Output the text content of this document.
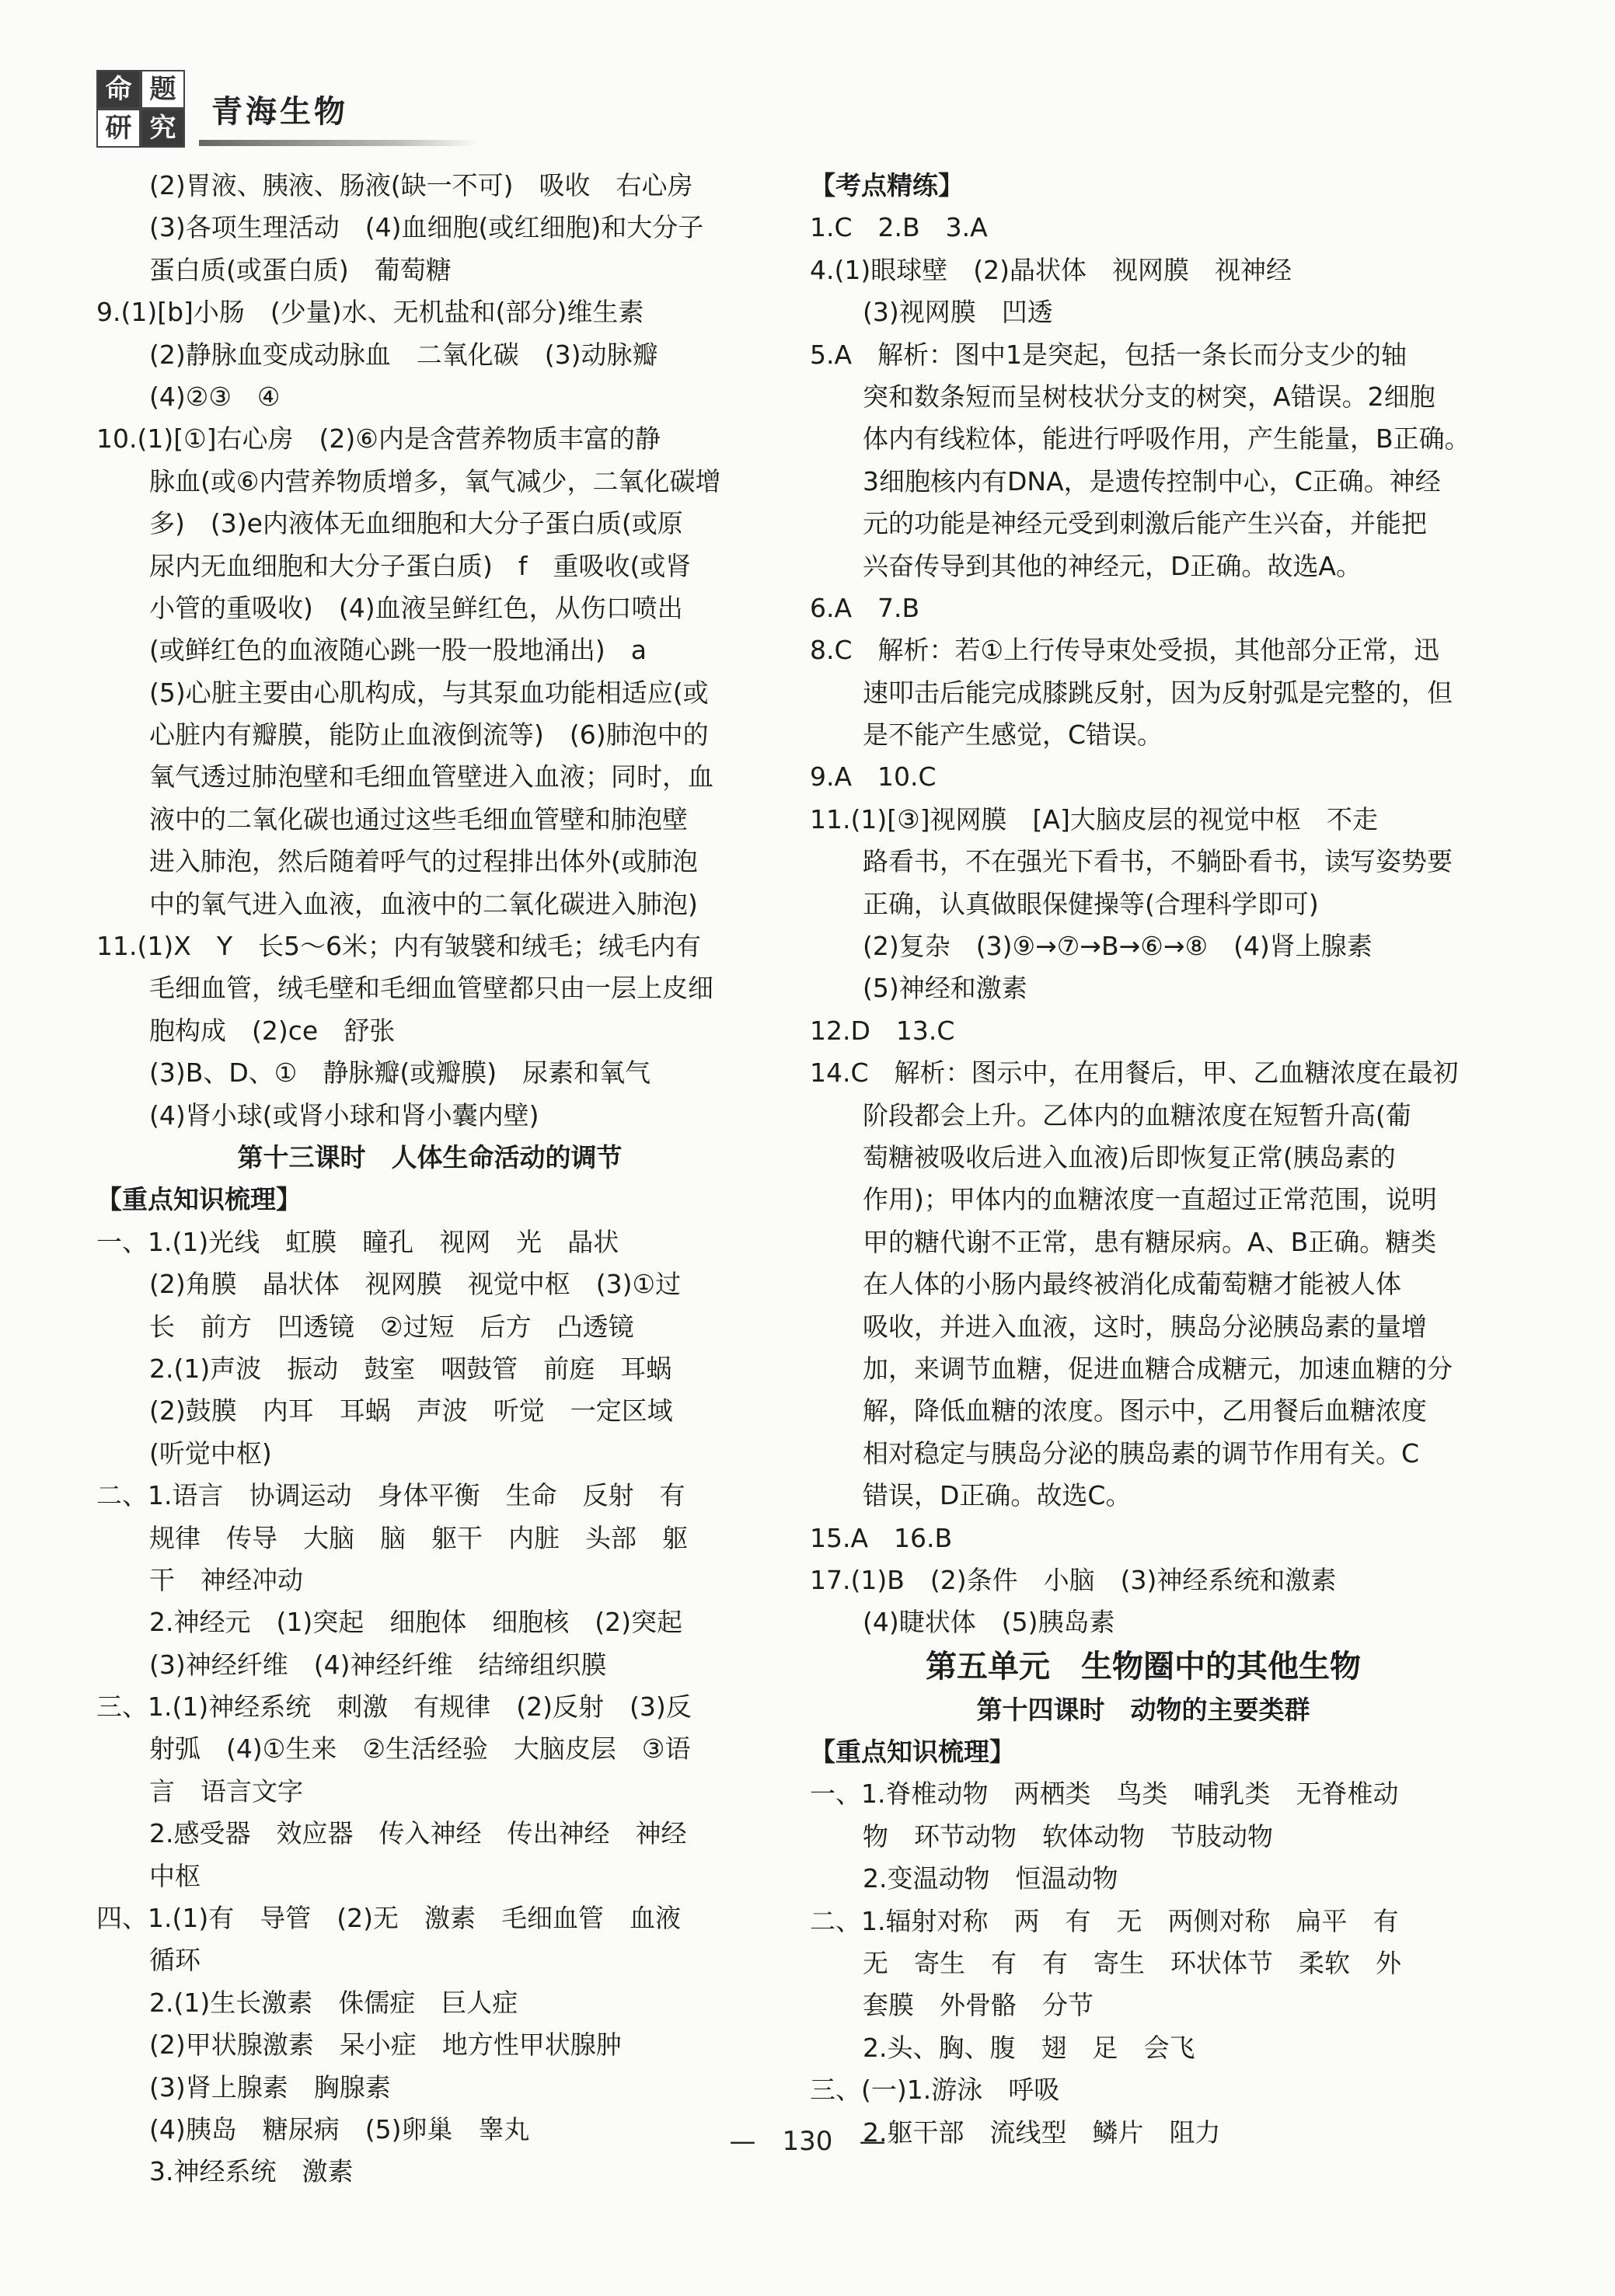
命 题
研 究 青海生物
(2)胃液、胰液、肠液(缺一不可)　吸收　右心房
(3)各项生理活动　(4)血细胞(或红细胞)和大分子
蛋白质(或蛋白质)　葡萄糖
9.(1)[b]小肠　(少量)水、无机盐和(部分)维生素
(2)静脉血变成动脉血　二氧化碳　(3)动脉瓣
(4)②③　④
10.(1)[①]右心房　(2)⑥内是含营养物质丰富的静
脉血(或⑥内营养物质增多，氧气减少，二氧化碳增
多)　(3)e内液体无血细胞和大分子蛋白质(或原
尿内无血细胞和大分子蛋白质)　f　重吸收(或肾
小管的重吸收)　(4)血液呈鲜红色，从伤口喷出
(或鲜红色的血液随心跳一股一股地涌出)　a
(5)心脏主要由心肌构成，与其泵血功能相适应(或
心脏内有瓣膜，能防止血液倒流等)　(6)肺泡中的
氧气透过肺泡壁和毛细血管壁进入血液；同时，血
液中的二氧化碳也通过这些毛细血管壁和肺泡壁
进入肺泡，然后随着呼气的过程排出体外(或肺泡
中的氧气进入血液，血液中的二氧化碳进入肺泡)
11.(1)X　Y　长5～6米；内有皱襞和绒毛；绒毛内有
毛细血管，绒毛壁和毛细血管壁都只由一层上皮细
胞构成　(2)ce　舒张
(3)B、D、①　静脉瓣(或瓣膜)　尿素和氧气
(4)肾小球(或肾小球和肾小囊内壁)
第十三课时　人体生命活动的调节
【重点知识梳理】
一、1.(1)光线　虹膜　瞳孔　视网　光　晶状
(2)角膜　晶状体　视网膜　视觉中枢　(3)①过
长　前方　凹透镜　②过短　后方　凸透镜
2.(1)声波　振动　鼓室　咽鼓管　前庭　耳蜗
(2)鼓膜　内耳　耳蜗　声波　听觉　一定区域
(听觉中枢)
二、1.语言　协调运动　身体平衡　生命　反射　有
规律　传导　大脑　脑　躯干　内脏　头部　躯
干　神经冲动
2.神经元　(1)突起　细胞体　细胞核　(2)突起
(3)神经纤维　(4)神经纤维　结缔组织膜
三、1.(1)神经系统　刺激　有规律　(2)反射　(3)反
射弧　(4)①生来　②生活经验　大脑皮层　③语
言　语言文字
2.感受器　效应器　传入神经　传出神经　神经
中枢
四、1.(1)有　导管　(2)无　激素　毛细血管　血液
循环
2.(1)生长激素　侏儒症　巨人症
(2)甲状腺激素　呆小症　地方性甲状腺肿
(3)肾上腺素　胸腺素
(4)胰岛　糖尿病　(5)卵巢　睾丸
3.神经系统　激素
【考点精练】
1.C　2.B　3.A
4.(1)眼球壁　(2)晶状体　视网膜　视神经
(3)视网膜　凹透
5.A　解析：图中1是突起，包括一条长而分支少的轴
突和数条短而呈树枝状分支的树突，A错误。2细胞
体内有线粒体，能进行呼吸作用，产生能量，B正确。
3细胞核内有DNA，是遗传控制中心，C正确。神经
元的功能是神经元受到刺激后能产生兴奋，并能把
兴奋传导到其他的神经元，D正确。故选A。
6.A　7.B
8.C　解析：若①上行传导束处受损，其他部分正常，迅
速叩击后能完成膝跳反射，因为反射弧是完整的，但
是不能产生感觉，C错误。
9.A　10.C
11.(1)[③]视网膜　[A]大脑皮层的视觉中枢　不走
路看书，不在强光下看书，不躺卧看书，读写姿势要
正确，认真做眼保健操等(合理科学即可)
(2)复杂　(3)⑨→⑦→B→⑥→⑧　(4)肾上腺素
(5)神经和激素
12.D　13.C
14.C　解析：图示中，在用餐后，甲、乙血糖浓度在最初
阶段都会上升。乙体内的血糖浓度在短暂升高(葡
萄糖被吸收后进入血液)后即恢复正常(胰岛素的
作用)；甲体内的血糖浓度一直超过正常范围，说明
甲的糖代谢不正常，患有糖尿病。A、B正确。糖类
在人体的小肠内最终被消化成葡萄糖才能被人体
吸收，并进入血液，这时，胰岛分泌胰岛素的量增
加，来调节血糖，促进血糖合成糖元，加速血糖的分
解，降低血糖的浓度。图示中，乙用餐后血糖浓度
相对稳定与胰岛分泌的胰岛素的调节作用有关。C
错误，D正确。故选C。
15.A　16.B
17.(1)B　(2)条件　小脑　(3)神经系统和激素
(4)睫状体　(5)胰岛素
第五单元　生物圈中的其他生物
第十四课时　动物的主要类群
【重点知识梳理】
一、1.脊椎动物　两栖类　鸟类　哺乳类　无脊椎动
物　环节动物　软体动物　节肢动物
2.变温动物　恒温动物
二、1.辐射对称　两　有　无　两侧对称　扁平　有
无　寄生　有　有　寄生　环状体节　柔软　外
套膜　外骨骼　分节
2.头、胸、腹　翅　足　会飞
三、(一)1.游泳　呼吸
2.躯干部　流线型　鳞片　阻力
—　130　—
